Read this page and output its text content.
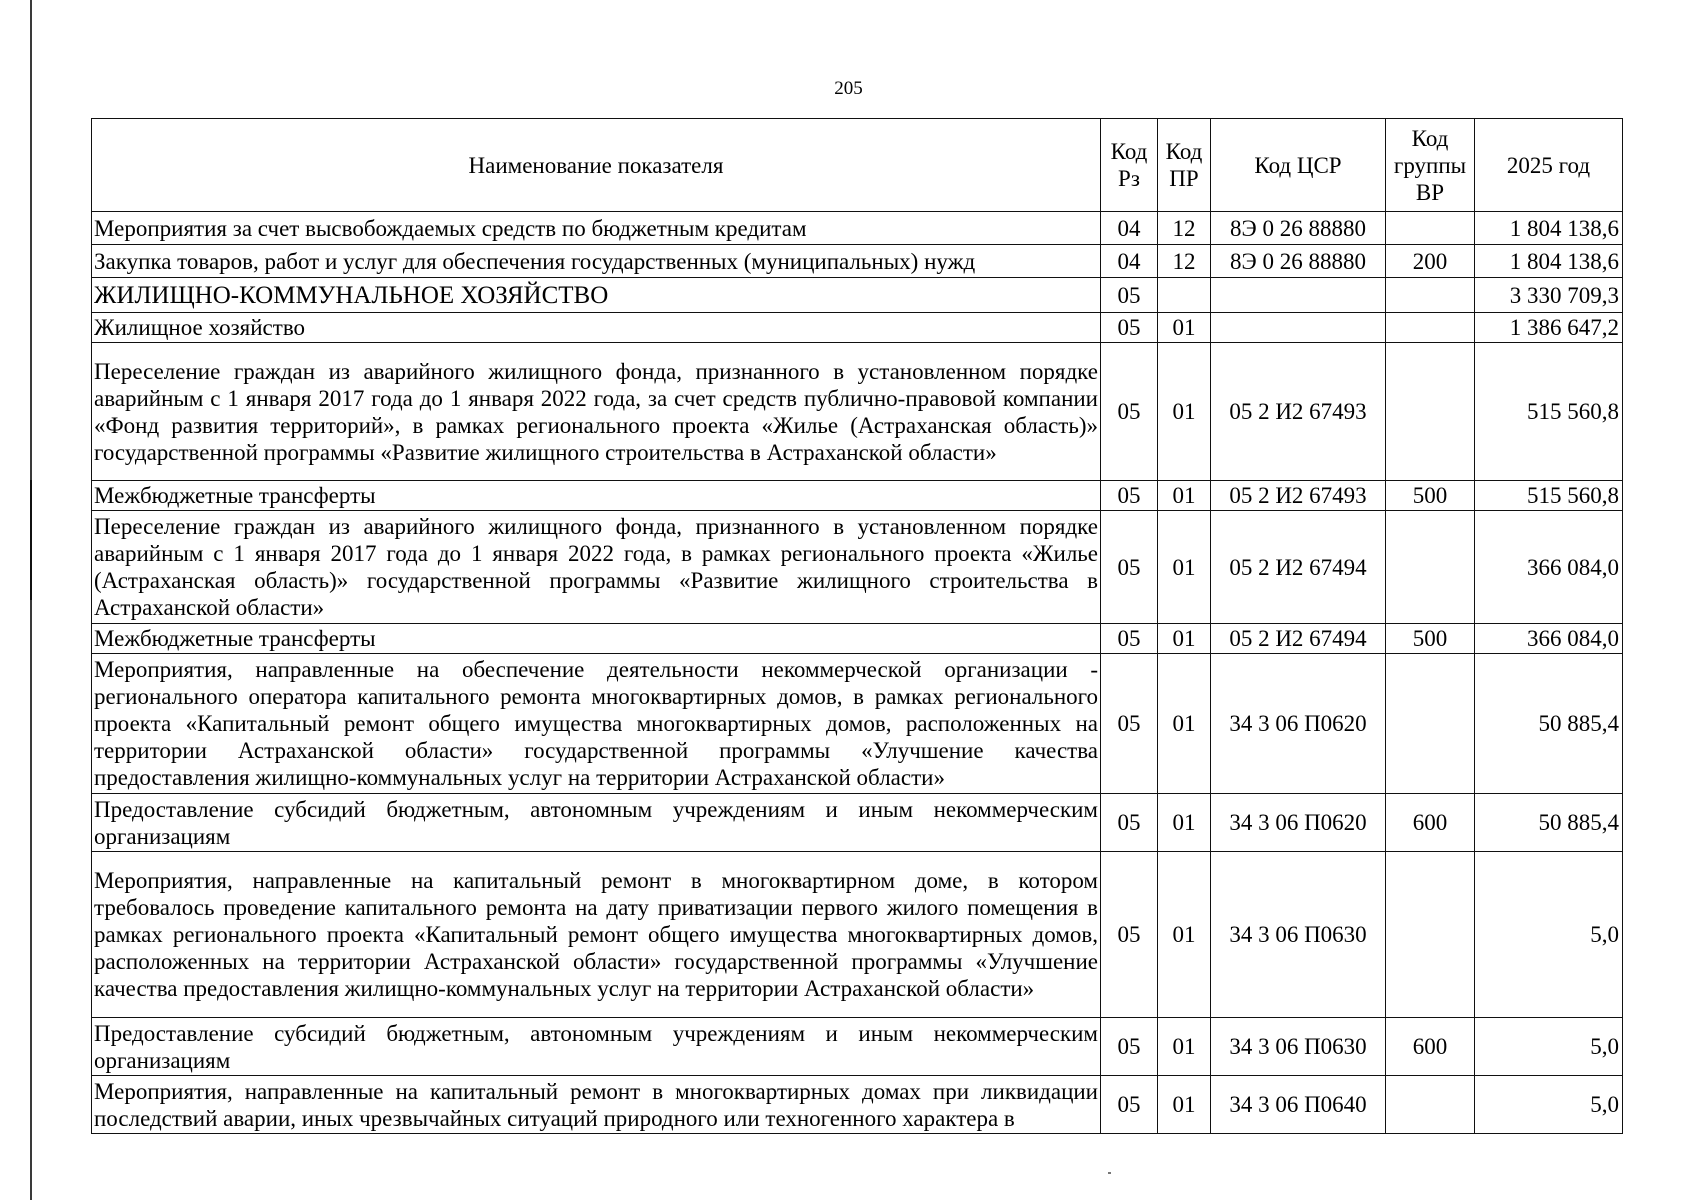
205
Наименование показателя	Код Рз	Код ПР	Код ЦСР	Код группы ВР	2025 год
Мероприятия за счет высвобождаемых средств по бюджетным кредитам	04	12	8Э 0 26 88880		1 804 138,6
Закупка товаров, работ и услуг для обеспечения государственных (муниципальных) нужд	04	12	8Э 0 26 88880	200	1 804 138,6
ЖИЛИЩНО-КОММУНАЛЬНОЕ ХОЗЯЙСТВО	05				3 330 709,3
Жилищное хозяйство	05	01			1 386 647,2
Переселение граждан из аварийного жилищного фонда, признанного в установленном порядке аварийным с 1 января 2017 года до 1 января 2022 года, за счет средств публично-правовой компании «Фонд развития территорий», в рамках регионального проекта «Жилье (Астраханская область)» государственной программы «Развитие жилищного строительства в Астраханской области»	05	01	05 2 И2 67493		515 560,8
Межбюджетные трансферты	05	01	05 2 И2 67493	500	515 560,8
Переселение граждан из аварийного жилищного фонда, признанного в установленном порядке аварийным с 1 января 2017 года до 1 января 2022 года, в рамках регионального проекта «Жилье (Астраханская область)» государственной программы «Развитие жилищного строительства в Астраханской области»	05	01	05 2 И2 67494		366 084,0
Межбюджетные трансферты	05	01	05 2 И2 67494	500	366 084,0
Мероприятия, направленные на обеспечение деятельности некоммерческой организации - регионального оператора капитального ремонта многоквартирных домов, в рамках регионального проекта «Капитальный ремонт общего имущества многоквартирных домов, расположенных на территории Астраханской области» государственной программы «Улучшение качества предоставления жилищно-коммунальных услуг на территории Астраханской области»	05	01	34 3 06 П0620		50 885,4
Предоставление субсидий бюджетным, автономным учреждениям и иным некоммерческим организациям	05	01	34 3 06 П0620	600	50 885,4
Мероприятия, направленные на капитальный ремонт в многоквартирном доме, в котором требовалось проведение капитального ремонта на дату приватизации первого жилого помещения в рамках регионального проекта «Капитальный ремонт общего имущества многоквартирных домов, расположенных на территории Астраханской области» государственной программы «Улучшение качества предоставления жилищно-коммунальных услуг на территории Астраханской области»	05	01	34 3 06 П0630		5,0
Предоставление субсидий бюджетным, автономным учреждениям и иным некоммерческим организациям	05	01	34 3 06 П0630	600	5,0
Мероприятия, направленные на капитальный ремонт в многоквартирных домах при ликвидации последствий аварии, иных чрезвычайных ситуаций природного или техногенного характера в	05	01	34 3 06 П0640		5,0
